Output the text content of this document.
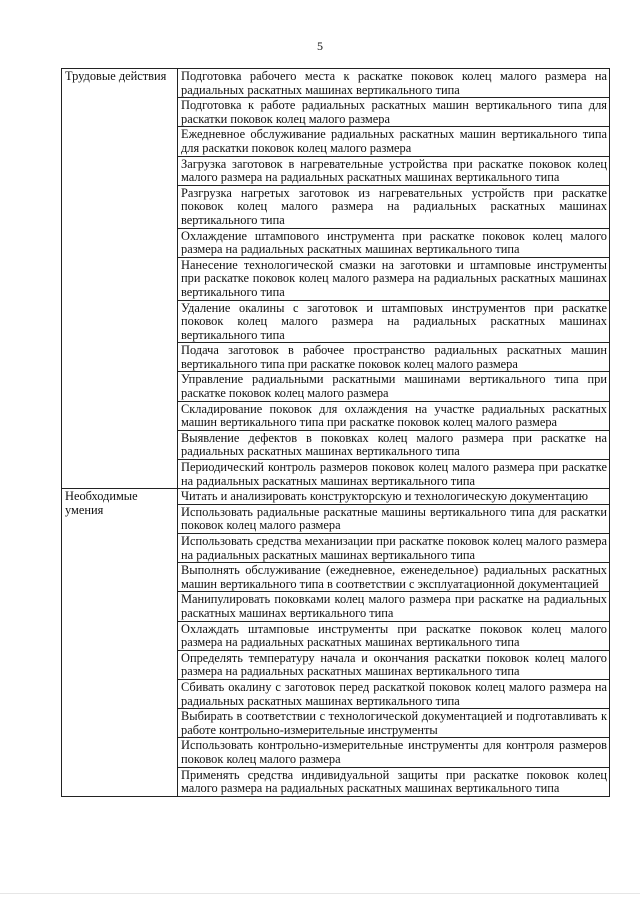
5
Трудовые действия	Подготовка рабочего места к раскатке поковок колец малого размера на радиальных раскатных машинах вертикального типа
	Подготовка к работе радиальных раскатных машин вертикального типа для раскатки поковок колец малого размера
	Ежедневное обслуживание радиальных раскатных машин вертикального типа для раскатки поковок колец малого размера
	Загрузка заготовок в нагревательные устройства при раскатке поковок колец малого размера на радиальных раскатных машинах вертикального типа
	Разгрузка нагретых заготовок из нагревательных устройств при раскатке поковок колец малого размера на радиальных раскатных машинах вертикального типа
	Охлаждение штампового инструмента при раскатке поковок колец малого размера на радиальных раскатных машинах вертикального типа
	Нанесение технологической смазки на заготовки и штамповые инструменты при раскатке поковок колец малого размера на радиальных раскатных машинах вертикального типа
	Удаление окалины с заготовок и штамповых инструментов при раскатке поковок колец малого размера на радиальных раскатных машинах вертикального типа
	Подача заготовок в рабочее пространство радиальных раскатных машин вертикального типа при раскатке поковок колец малого размера
	Управление радиальными раскатными машинами вертикального типа при раскатке поковок колец малого размера
	Складирование поковок для охлаждения на участке радиальных раскатных машин вертикального типа при раскатке поковок колец малого размера
	Выявление дефектов в поковках колец малого размера при раскатке на радиальных раскатных машинах вертикального типа
	Периодический контроль размеров поковок колец малого размера при раскатке на радиальных раскатных машинах вертикального типа
Необходимые умения	Читать и анализировать конструкторскую и технологическую документацию
	Использовать радиальные раскатные машины вертикального типа для раскатки поковок колец малого размера
	Использовать средства механизации при раскатке поковок колец малого размера на радиальных раскатных машинах вертикального типа
	Выполнять обслуживание (ежедневное, еженедельное) радиальных раскатных машин вертикального типа в соответствии с эксплуатационной документацией
	Манипулировать поковками колец малого размера при раскатке на радиальных раскатных машинах вертикального типа
	Охлаждать штамповые инструменты при раскатке поковок колец малого размера на радиальных раскатных машинах вертикального типа
	Определять температуру начала и окончания раскатки поковок колец малого размера на радиальных раскатных машинах вертикального типа
	Сбивать окалину с заготовок перед раскаткой поковок колец малого размера на радиальных раскатных машинах вертикального типа
	Выбирать в соответствии с технологической документацией и подготавливать к работе контрольно-измерительные инструменты
	Использовать контрольно-измерительные инструменты для контроля размеров поковок колец малого размера
	Применять средства индивидуальной защиты при раскатке поковок колец малого размера на радиальных раскатных машинах вертикального типа
